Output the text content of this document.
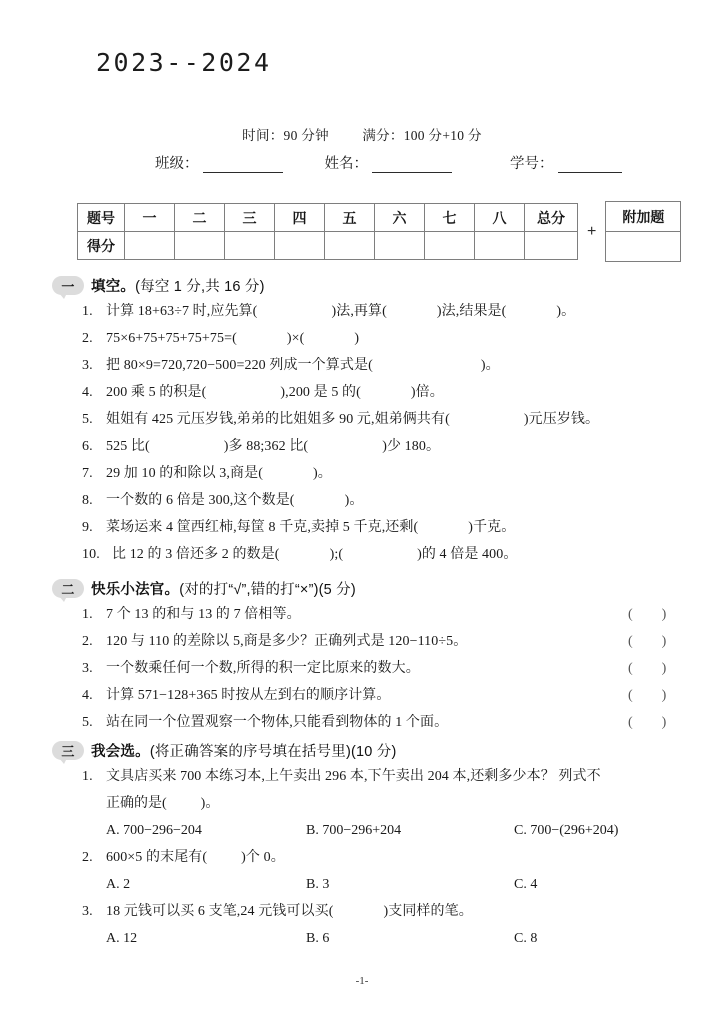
2023--2024
时间：90 分钟 满分：100 分+10 分
班级：	姓名：	学号：
题号	一	二	三	四	五	六	七	八	总分
得分									
+
附加题

一	填空。 (每空 1 分,共 16 分)
1. 计算 18+63÷7 时,应先算(	)法,再算(	)法,结果是(	)。
2. 75×6+75+75+75+75=(	)×(	)
3. 把 80×9=720,720−500=220 列成一个算式是(	)。
4. 200 乘 5 的积是(	),200 是 5 的(	)倍。
5. 姐姐有 425 元压岁钱,弟弟的比姐姐多 90 元,姐弟俩共有(	)元压岁钱。
6. 525 比(	)多 88;362 比(	)少 180。
7. 29 加 10 的和除以 3,商是(	)。
8. 一个数的 6 倍是 300,这个数是(	)。
9. 菜场运来 4 筐西红柿,每筐 8 千克,卖掉 5 千克,还剩(	)千克。
10. 比 12 的 3 倍还多 2 的数是(	);(	)的 4 倍是 400。
二	快乐小法官。 (对的打“√”,错的打“×”)(5 分)
1. 7 个 13 的和与 13 的 7 倍相等。	()
2. 120 与 110 的差除以 5,商是多少？正确列式是 120−110÷5。	()
3. 一个数乘任何一个数,所得的积一定比原来的数大。	()
4. 计算 571−128+365 时按从左到右的顺序计算。	()
5. 站在同一个位置观察一个物体,只能看到物体的 1 个面。	()
三	我会选。 (将正确答案的序号填在括号里)(10 分)
1. 文具店买来 700 本练习本,上午卖出 296 本,下午卖出 204 本,还剩多少本？ 列式不
正确的是( )。
A. 700−296−204	B. 700−296+204	C. 700−(296+204)
2. 600×5 的末尾有( )个 0。
A. 2	B. 3	C. 4
3. 18 元钱可以买 6 支笔,24 元钱可以买(	)支同样的笔。
A. 12	B. 6	C. 8
-1-
